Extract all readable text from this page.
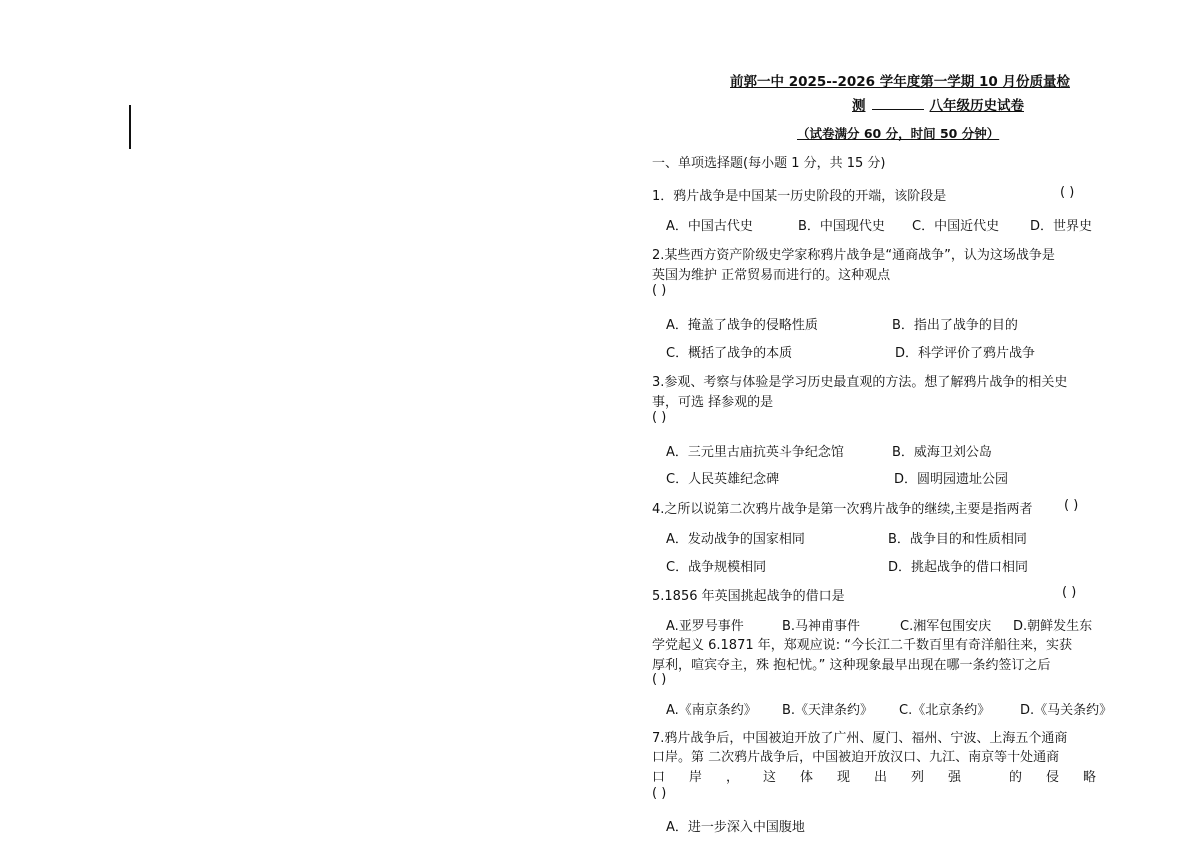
前郭一中 2025--2026 学年度第一学期 10 月份质量检
测	八年级历史试卷
（试卷满分 60 分，时间 50 分钟）
一、单项选择题(每小题 1 分，共 15 分)
1．鸦片战争是中国某一历史阶段的开端，该阶段是	( )
A．中国古代史	B．中国现代史 C．中国近代史 D．世界史
2.某些西方资产阶级史学家称鸦片战争是“通商战争”，认为这场战争是
英国为维护 正常贸易而进行的。这种观点
( )
A．掩盖了战争的侵略性质	B．指出了战争的目的
C．概括了战争的本质	D．科学评价了鸦片战争
3.参观、考察与体验是学习历史最直观的方法。想了解鸦片战争的相关史
事，可选 择参观的是
( )
A．三元里古庙抗英斗争纪念馆	B．威海卫刘公岛
C．人民英雄纪念碑	D．圆明园遗址公园
4.之所以说第二次鸦片战争是第一次鸦片战争的继续,主要是指两者 ( )
A．发动战争的国家相同	B．战争目的和性质相同
C．战争规模相同	D．挑起战争的借口相同
5.1856 年英国挑起战争的借口是	( )
A.亚罗号事件	B.马神甫事件	C.湘军包围安庆 D.朝鲜发生东
学党起义 6.1871 年，郑观应说: “今长江二千数百里有奇洋船往来，实获
厚利，喧宾夺主，殊 抱杞忧。” 这种现象最早出现在哪一条约签订之后
( )
A.《南京条约》 B.《天津条约》 C.《北京条约》 D.《马关条约》
7.鸦片战争后，中国被迫开放了广州、厦门、福州、宁波、上海五个通商
口岸。第 二次鸦片战争后，中国被迫开放汉口、九江、南京等十处通商
口 岸 ， 这 体 现 出 列 强	的 侵 略
( )
A．进一步深入中国腹地
